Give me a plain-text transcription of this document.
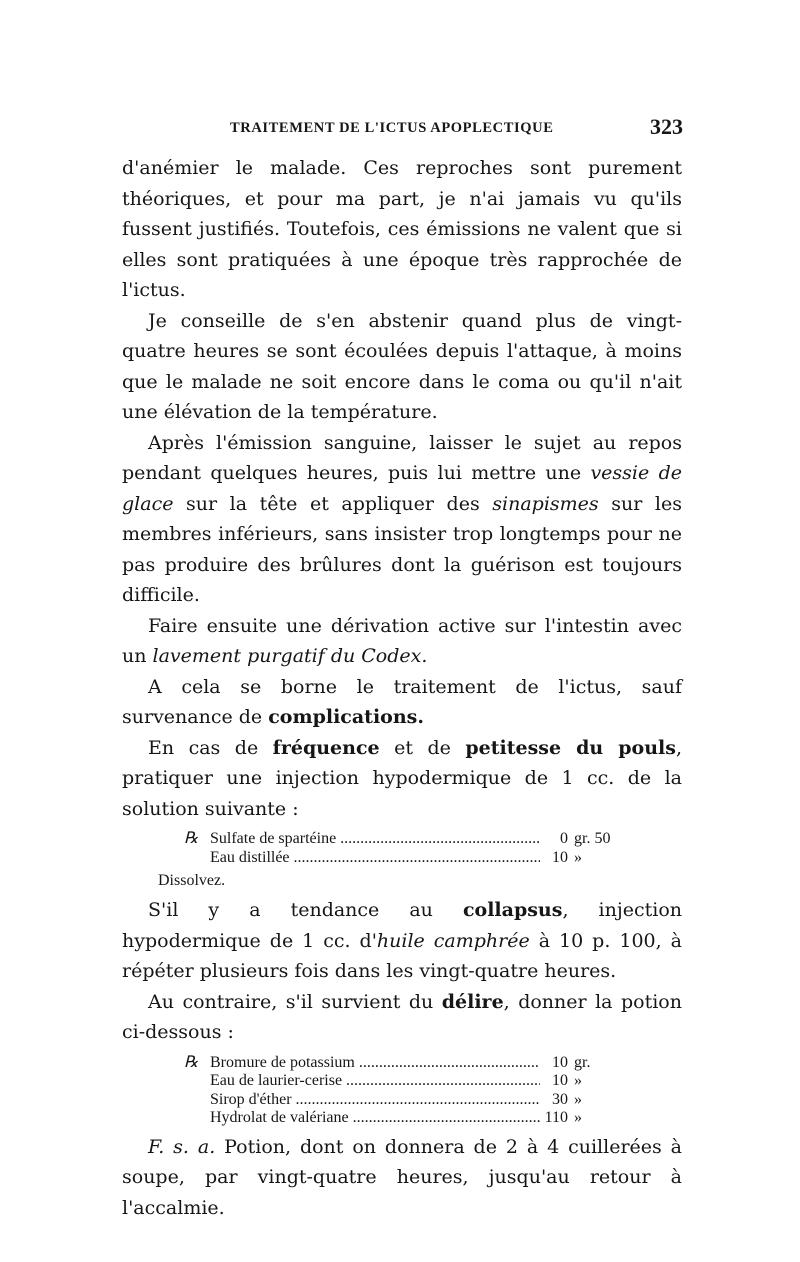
TRAITEMENT DE L'ICTUS APOPLECTIQUE	323

d'anémier le malade. Ces reproches sont purement théoriques, et pour ma part, je n'ai jamais vu qu'ils fussent justifiés. Toutefois, ces émissions ne valent que si elles sont pratiquées à une époque très rapprochée de l'ictus.

Je conseille de s'en abstenir quand plus de vingt-quatre heures se sont écoulées depuis l'attaque, à moins que le malade ne soit encore dans le coma ou qu'il n'ait une élévation de la température.

Après l'émission sanguine, laisser le sujet au repos pendant quelques heures, puis lui mettre une vessie de glace sur la tête et appliquer des sinapismes sur les membres inférieurs, sans insister trop longtemps pour ne pas produire des brûlures dont la guérison est toujours difficile.

Faire ensuite une dérivation active sur l'intestin avec un lavement purgatif du Codex.

A cela se borne le traitement de l'ictus, sauf survenance de complications.

En cas de fréquence et de petitesse du pouls, pratiquer une injection hypodermique de 1 cc. de la solution suivante :

℞ Sulfate de spartéine .....	0 gr. 50
Eau distillée .....	10 »
Dissolvez.

S'il y a tendance au collapsus, injection hypodermique de 1 cc. d'huile camphrée à 10 p. 100, à répéter plusieurs fois dans les vingt-quatre heures.

Au contraire, s'il survient du délire, donner la potion ci-dessous :

℞ Bromure de potassium .....	10 gr.
Eau de laurier-cerise .....	10 »
Sirop d'éther .....	30 »
Hydrolat de valériane .....	110 »

F. s. a. Potion, dont on donnera de 2 à 4 cuillerées à soupe, par vingt-quatre heures, jusqu'au retour à l'accalmie.
